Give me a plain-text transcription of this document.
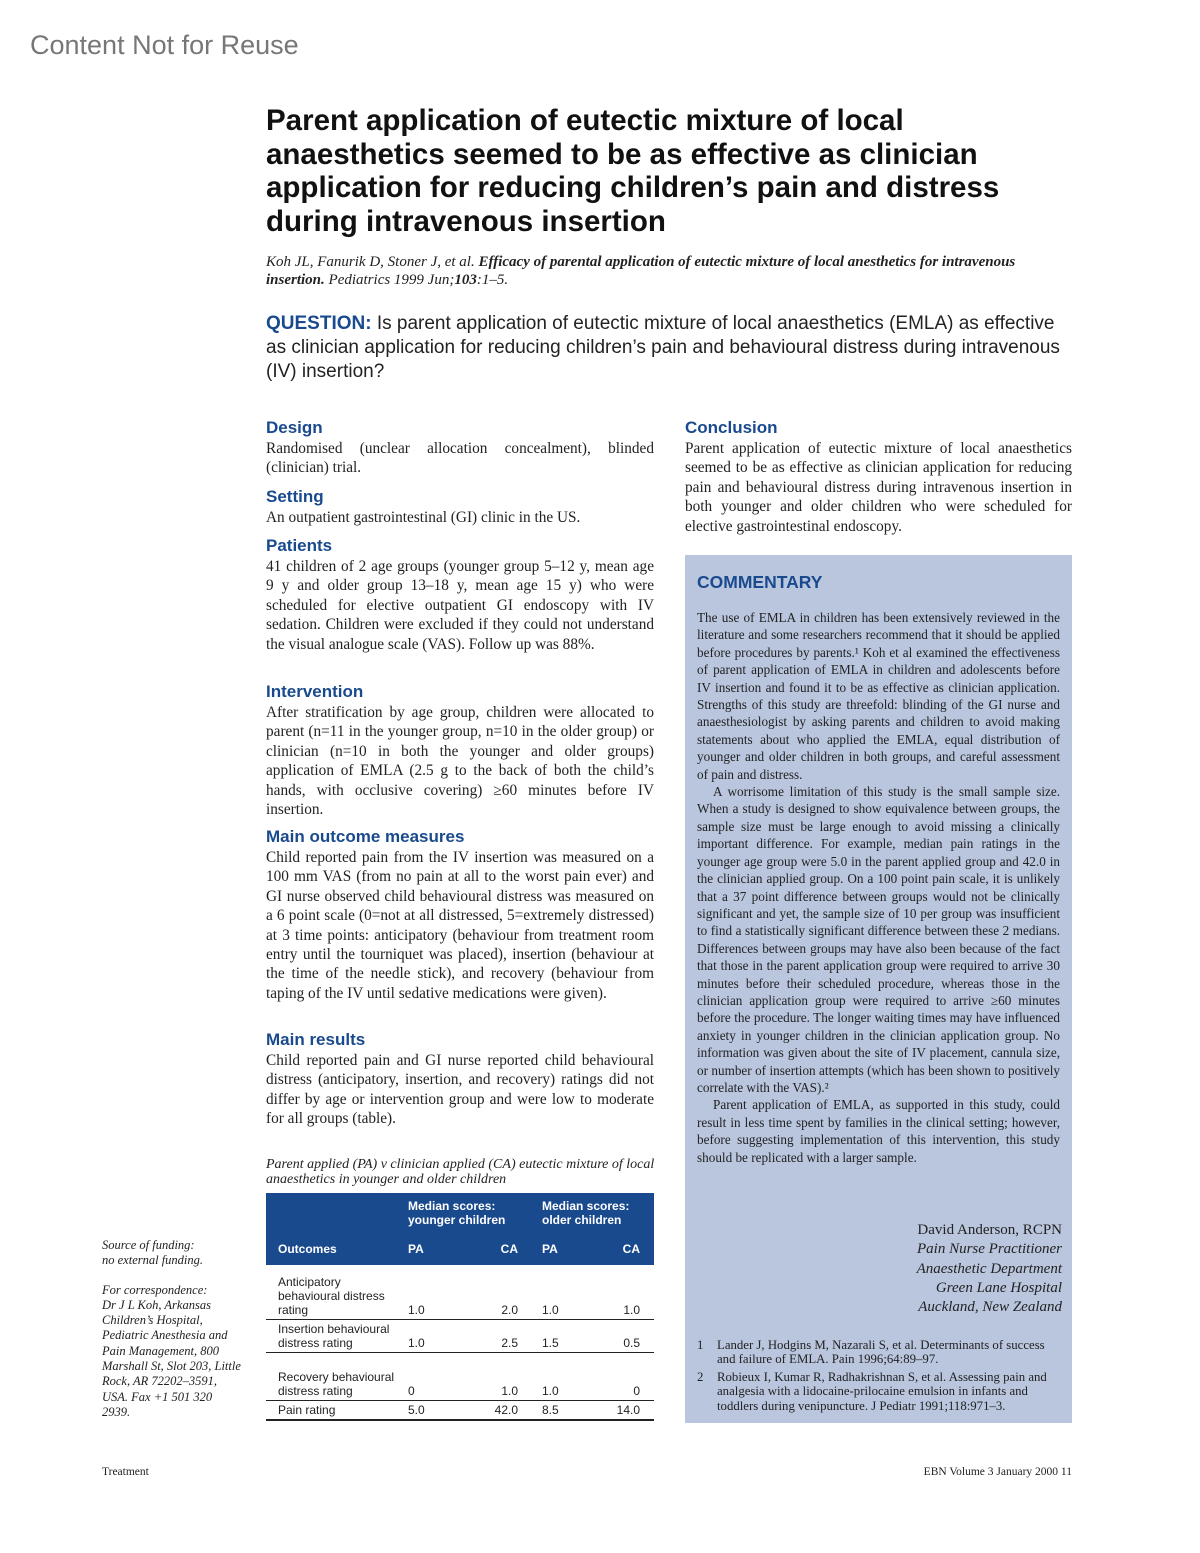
Content Not for Reuse
Parent application of eutectic mixture of local anaesthetics seemed to be as effective as clinician application for reducing children’s pain and distress during intravenous insertion
Koh JL, Fanurik D, Stoner J, et al. Efficacy of parental application of eutectic mixture of local anesthetics for intravenous insertion. Pediatrics 1999 Jun;103:1–5.
QUESTION: Is parent application of eutectic mixture of local anaesthetics (EMLA) as effective as clinician application for reducing children’s pain and behavioural distress during intravenous (IV) insertion?
Design

Randomised (unclear allocation concealment), blinded (clinician) trial.

Setting

An outpatient gastrointestinal (GI) clinic in the US.

Patients

41 children of 2 age groups (younger group 5–12 y, mean age 9 y and older group 13–18 y, mean age 15 y) who were scheduled for elective outpatient GI endoscopy with IV sedation. Children were excluded if they could not understand the visual analogue scale (VAS). Follow up was 88%.

Intervention

After stratification by age group, children were allocated to parent (n=11 in the younger group, n=10 in the older group) or clinician (n=10 in both the younger and older groups) application of EMLA (2.5 g to the back of both the child’s hands, with occlusive covering) ≥60 minutes before IV insertion.

Main outcome measures

Child reported pain from the IV insertion was measured on a 100 mm VAS (from no pain at all to the worst pain ever) and GI nurse observed child behavioural distress was measured on a 6 point scale (0=not at all distressed, 5=extremely distressed) at 3 time points: anticipatory (behaviour from treatment room entry until the tourniquet was placed), insertion (behaviour at the time of the needle stick), and recovery (behaviour from taping of the IV until sedative medications were given).

Main results

Child reported pain and GI nurse reported child behavioural distress (anticipatory, insertion, and recovery) ratings did not differ by age or intervention group and were low to moderate for all groups (table).

Parent applied (PA) v clinician applied (CA) eutectic mixture of local anaesthetics in younger and older children
	Median scores: younger children		Median scores: older children	
Outcomes	PA	CA	PA	CA

Anticipatory behavioural distress rating	1.0	2.0	1.0	1.0
Insertion behavioural distress rating	1.0	2.5	1.5	0.5
Recovery behavioural distress rating	0	1.0	1.0	0
Pain rating	5.0	42.0	8.5	14.0
Conclusion

Parent application of eutectic mixture of local anaesthetics seemed to be as effective as clinician application for reducing pain and behavioural distress during intravenous insertion in both younger and older children who were scheduled for elective gastrointestinal endoscopy.

COMMENTARY

The use of EMLA in children has been extensively reviewed in the literature and some researchers recommend that it should be applied before procedures by parents.¹ Koh et al examined the effectiveness of parent application of EMLA in children and adolescents before IV insertion and found it to be as effective as clinician application. Strengths of this study are threefold: blinding of the GI nurse and anaesthesiologist by asking parents and children to avoid making statements about who applied the EMLA, equal distribution of younger and older children in both groups, and careful assessment of pain and distress.

A worrisome limitation of this study is the small sample size. When a study is designed to show equivalence between groups, the sample size must be large enough to avoid missing a clinically important difference. For example, median pain ratings in the younger age group were 5.0 in the parent applied group and 42.0 in the clinician applied group. On a 100 point pain scale, it is unlikely that a 37 point difference between groups would not be clinically significant and yet, the sample size of 10 per group was insufficient to find a statistically significant difference between these 2 medians. Differences between groups may have also been because of the fact that those in the parent application group were required to arrive 30 minutes before their scheduled procedure, whereas those in the clinician application group were required to arrive ≥60 minutes before the procedure. The longer waiting times may have influenced anxiety in younger children in the clinician application group. No information was given about the site of IV placement, cannula size, or number of insertion attempts (which has been shown to positively correlate with the VAS).²

Parent application of EMLA, as supported in this study, could result in less time spent by families in the clinical setting; however, before suggesting implementation of this intervention, this study should be replicated with a larger sample.

David Anderson, RCPN
Pain Nurse Practitioner
Anaesthetic Department
Green Lane Hospital
Auckland, New Zealand
1	Lander J, Hodgins M, Nazarali S, et al. Determinants of success and failure of EMLA. Pain 1996;64:89–97.
2	Robieux I, Kumar R, Radhakrishnan S, et al. Assessing pain and analgesia with a lidocaine-prilocaine emulsion in infants and toddlers during venipuncture. J Pediatr 1991;118:971–3.
Source of funding:
no external funding.
For correspondence:
Dr J L Koh, Arkansas Children’s Hospital, Pediatric Anesthesia and Pain Management, 800 Marshall St, Slot 203, Little Rock, AR 72202–3591, USA. Fax +1 501 320 2939.
Treatment	EBN Volume 3 January 2000 11
